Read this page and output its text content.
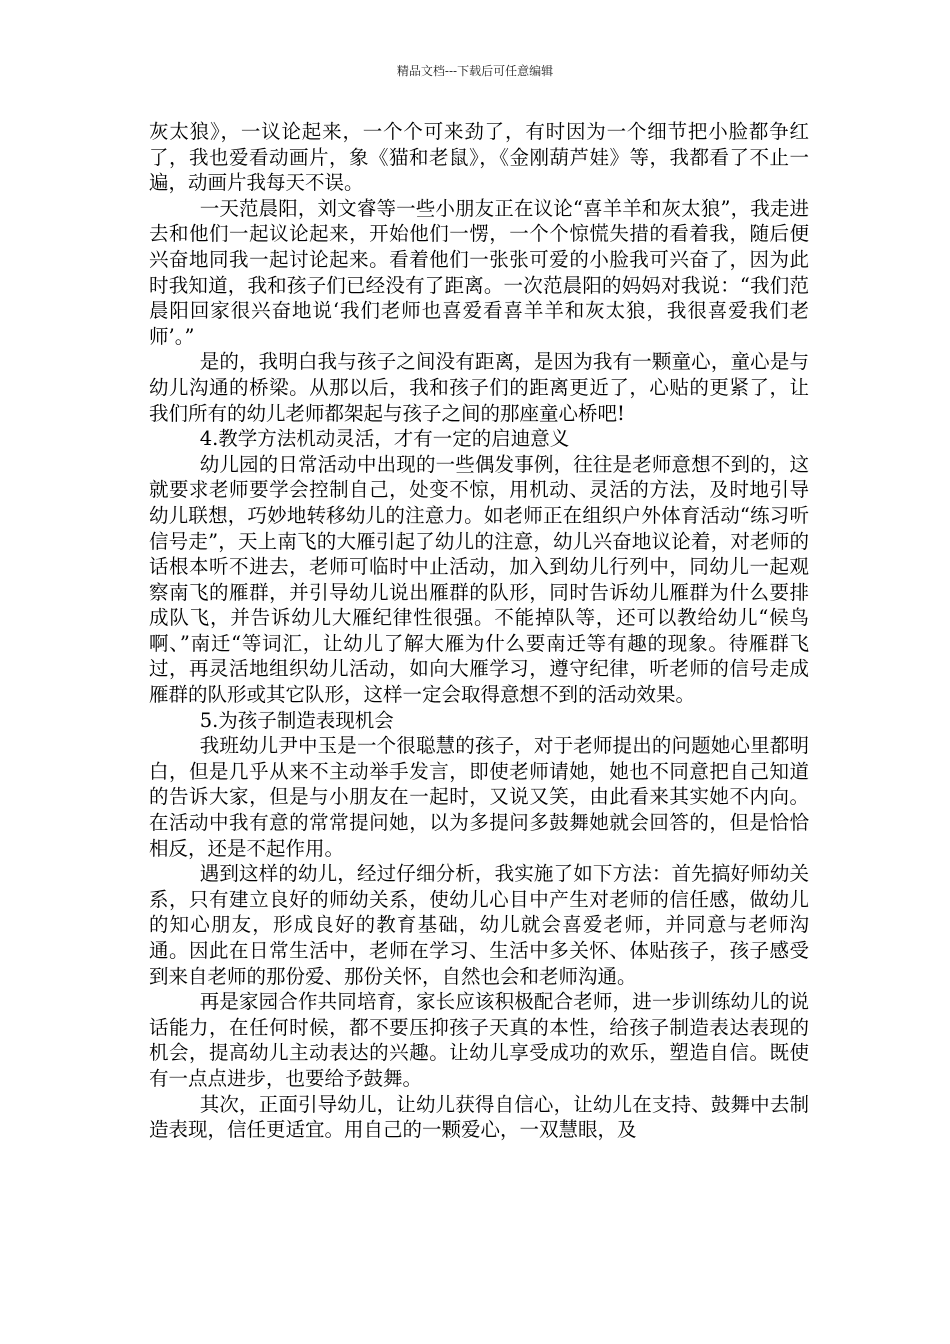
精品文档---下载后可任意编辑

灰太狼》，一议论起来，一个个可来劲了，有时因为一个细节把小脸都争红了，我也爱看动画片，象《猫和老鼠》，《金刚葫芦娃》等，我都看了不止一遍，动画片我每天不误。

一天范晨阳，刘文睿等一些小朋友正在议论“喜羊羊和灰太狼”，我走进去和他们一起议论起来，开始他们一愣，一个个惊慌失措的看着我，随后便兴奋地同我一起讨论起来。看着他们一张张可爱的小脸我可兴奋了，因为此时我知道，我和孩子们已经没有了距离。一次范晨阳的妈妈对我说：“我们范晨阳回家很兴奋地说‘我们老师也喜爱看喜羊羊和灰太狼，我很喜爱我们老师’。”

是的，我明白我与孩子之间没有距离，是因为我有一颗童心，童心是与幼儿沟通的桥梁。从那以后，我和孩子们的距离更近了，心贴的更紧了，让我们所有的幼儿老师都架起与孩子之间的那座童心桥吧!

4.教学方法机动灵活，才有一定的启迪意义

幼儿园的日常活动中出现的一些偶发事例，往往是老师意想不到的，这就要求老师要学会控制自己，处变不惊，用机动、灵活的方法，及时地引导幼儿联想，巧妙地转移幼儿的注意力。如老师正在组织户外体育活动“练习听信号走”，天上南飞的大雁引起了幼儿的注意，幼儿兴奋地议论着，对老师的话根本听不进去，老师可临时中止活动，加入到幼儿行列中，同幼儿一起观察南飞的雁群，并引导幼儿说出雁群的队形，同时告诉幼儿雁群为什么要排成队飞，并告诉幼儿大雁纪律性很强。不能掉队等，还可以教给幼儿“候鸟啊、”南迁“等词汇，让幼儿了解大雁为什么要南迁等有趣的现象。待雁群飞过，再灵活地组织幼儿活动，如向大雁学习，遵守纪律，听老师的信号走成雁群的队形或其它队形，这样一定会取得意想不到的活动效果。

5.为孩子制造表现机会

我班幼儿尹中玉是一个很聪慧的孩子，对于老师提出的问题她心里都明白，但是几乎从来不主动举手发言，即使老师请她，她也不同意把自己知道的告诉大家，但是与小朋友在一起时，又说又笑，由此看来其实她不内向。在活动中我有意的常常提问她，以为多提问多鼓舞她就会回答的，但是恰恰相反，还是不起作用。

遇到这样的幼儿，经过仔细分析，我实施了如下方法：首先搞好师幼关系，只有建立良好的师幼关系，使幼儿心目中产生对老师的信任感，做幼儿的知心朋友，形成良好的教育基础，幼儿就会喜爱老师，并同意与老师沟通。因此在日常生活中，老师在学习、生活中多关怀、体贴孩子，孩子感受到来自老师的那份爱、那份关怀，自然也会和老师沟通。

再是家园合作共同培育，家长应该积极配合老师，进一步训练幼儿的说话能力，在任何时候，都不要压抑孩子天真的本性，给孩子制造表达表现的机会，提高幼儿主动表达的兴趣。让幼儿享受成功的欢乐，塑造自信。既使有一点点进步，也要给予鼓舞。

其次，正面引导幼儿，让幼儿获得自信心，让幼儿在支持、鼓舞中去制造表现，信任更适宜。用自己的一颗爱心，一双慧眼，及
